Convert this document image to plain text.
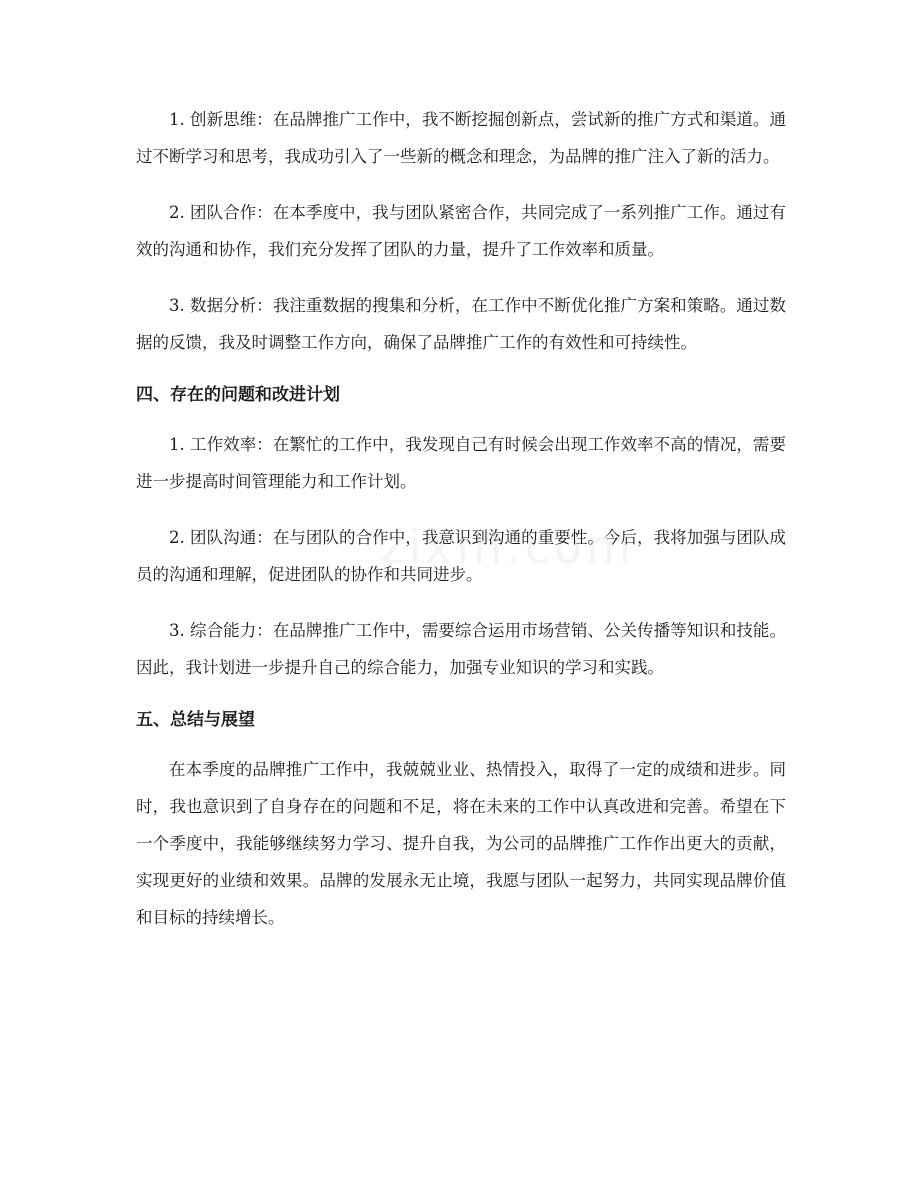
1. 创新思维：在品牌推广工作中，我不断挖掘创新点，尝试新的推广方式和渠道。通过不断学习和思考，我成功引入了一些新的概念和理念，为品牌的推广注入了新的活力。

2. 团队合作：在本季度中，我与团队紧密合作，共同完成了一系列推广工作。通过有效的沟通和协作，我们充分发挥了团队的力量，提升了工作效率和质量。

3. 数据分析：我注重数据的搜集和分析，在工作中不断优化推广方案和策略。通过数据的反馈，我及时调整工作方向，确保了品牌推广工作的有效性和可持续性。

四、存在的问题和改进计划

1. 工作效率：在繁忙的工作中，我发现自己有时候会出现工作效率不高的情况，需要进一步提高时间管理能力和工作计划。

2. 团队沟通：在与团队的合作中，我意识到沟通的重要性。今后，我将加强与团队成员的沟通和理解，促进团队的协作和共同进步。

3. 综合能力：在品牌推广工作中，需要综合运用市场营销、公关传播等知识和技能。因此，我计划进一步提升自己的综合能力，加强专业知识的学习和实践。

五、总结与展望

在本季度的品牌推广工作中，我兢兢业业、热情投入，取得了一定的成绩和进步。同时，我也意识到了自身存在的问题和不足，将在未来的工作中认真改进和完善。希望在下一个季度中，我能够继续努力学习、提升自我，为公司的品牌推广工作作出更大的贡献，实现更好的业绩和效果。品牌的发展永无止境，我愿与团队一起努力，共同实现品牌价值和目标的持续增长。
